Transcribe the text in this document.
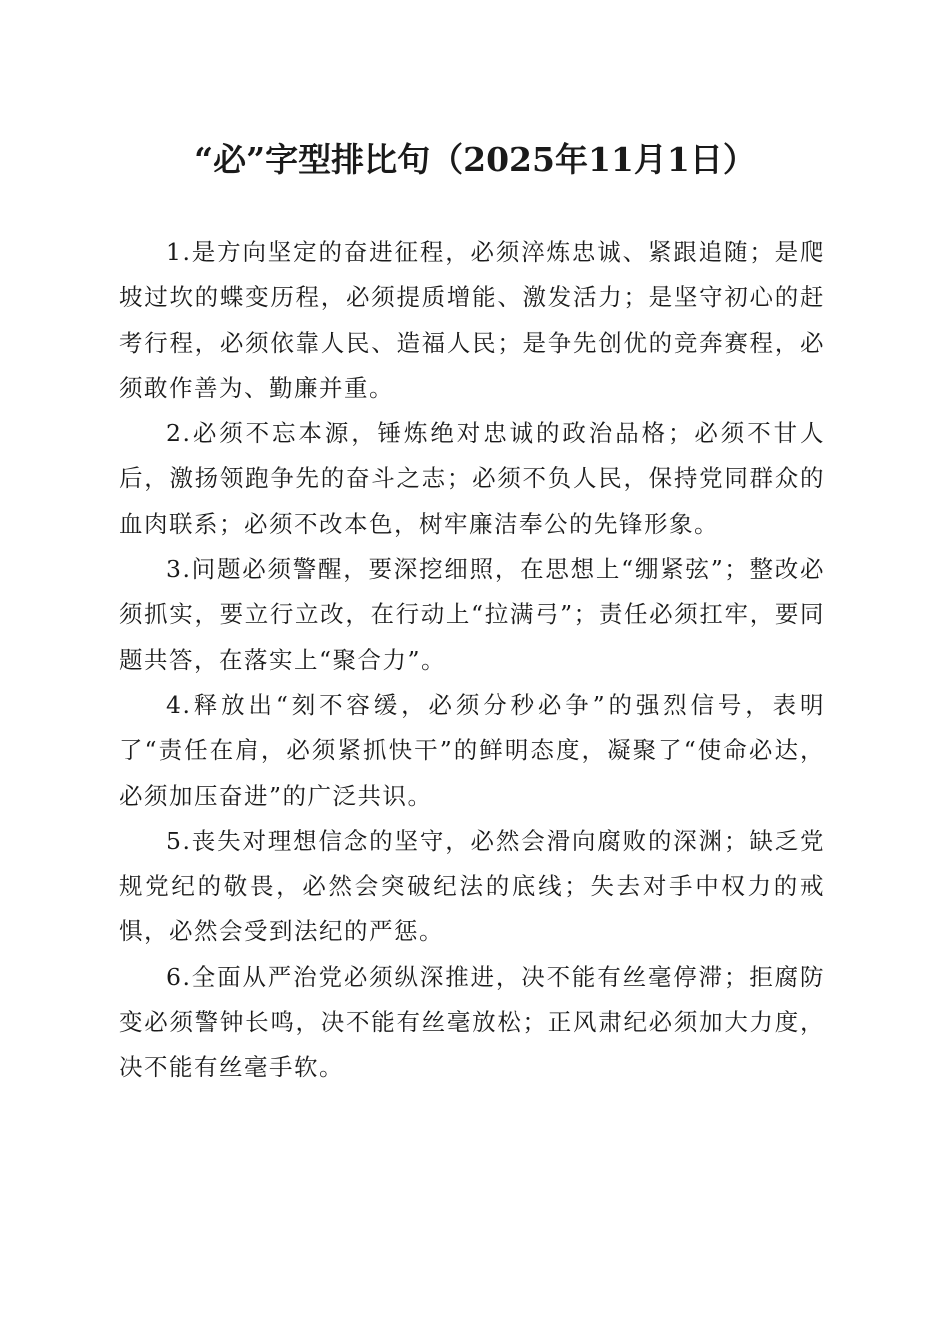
“必”字型排比句（2025年11月1日）

1.是方向坚定的奋进征程，必须淬炼忠诚、紧跟追随；是爬坡过坎的蝶变历程，必须提质增能、激发活力；是坚守初心的赶考行程，必须依靠人民、造福人民；是争先创优的竞奔赛程，必须敢作善为、勤廉并重。

2.必须不忘本源，锤炼绝对忠诚的政治品格；必须不甘人后，激扬领跑争先的奋斗之志；必须不负人民，保持党同群众的血肉联系；必须不改本色，树牢廉洁奉公的先锋形象。

3.问题必须警醒，要深挖细照，在思想上“绷紧弦”；整改必须抓实，要立行立改，在行动上“拉满弓”；责任必须扛牢，要同题共答，在落实上“聚合力”。

4.释放出“刻不容缓，必须分秒必争”的强烈信号，表明了“责任在肩，必须紧抓快干”的鲜明态度，凝聚了“使命必达，必须加压奋进”的广泛共识。

5.丧失对理想信念的坚守，必然会滑向腐败的深渊；缺乏党规党纪的敬畏，必然会突破纪法的底线；失去对手中权力的戒惧，必然会受到法纪的严惩。

6.全面从严治党必须纵深推进，决不能有丝毫停滞；拒腐防变必须警钟长鸣，决不能有丝毫放松；正风肃纪必须加大力度，决不能有丝毫手软。
